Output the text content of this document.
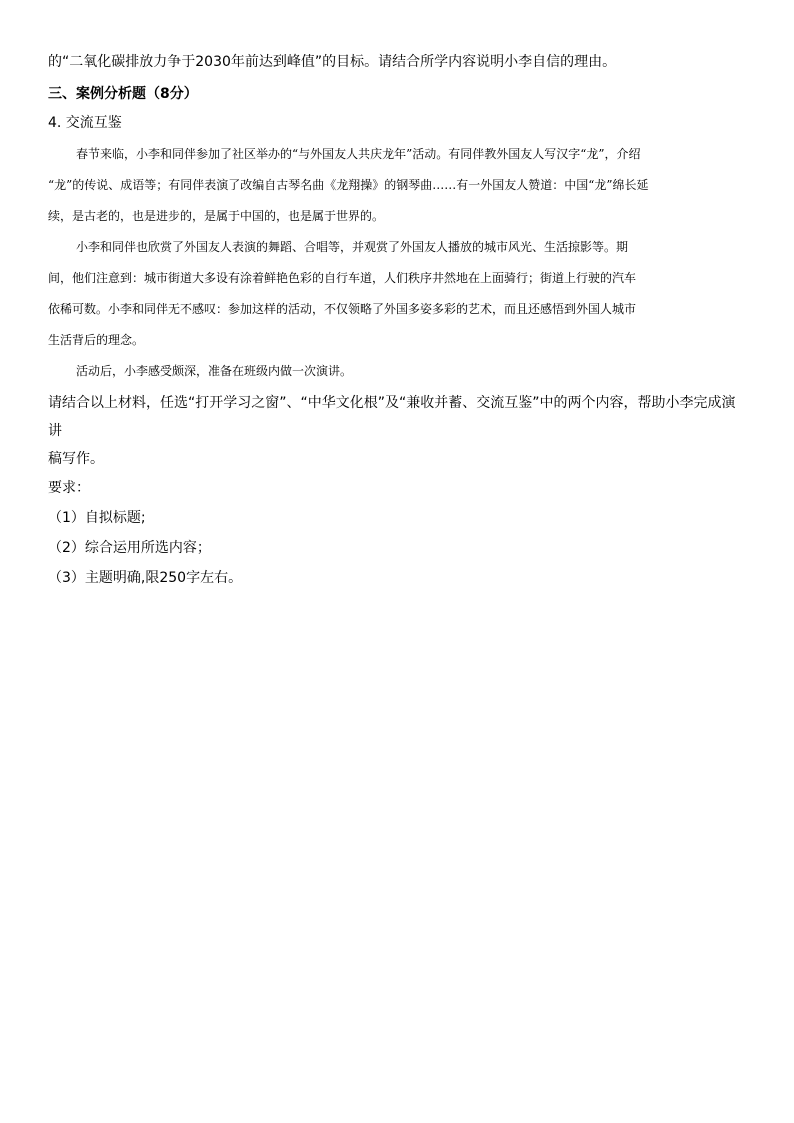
的“二氧化碳排放力争于2030年前达到峰值”的目标。请结合所学内容说明小李自信的理由。

三、案例分析题（8分）

4. 交流互鉴

春节来临，小李和同伴参加了社区举办的“与外国友人共庆龙年”活动。有同伴教外国友人写汉字“龙”，介绍

“龙”的传说、成语等；有同伴表演了改编自古琴名曲《龙翔操》的钢琴曲……有一外国友人赞道：中国“龙”绵长延

续，是古老的，也是进步的，是属于中国的，也是属于世界的。

小李和同伴也欣赏了外国友人表演的舞蹈、合唱等，并观赏了外国友人播放的城市风光、生活掠影等。期

间，他们注意到：城市街道大多设有涂着鲜艳色彩的自行车道，人们秩序井然地在上面骑行；街道上行驶的汽车

依稀可数。小李和同伴无不感叹：参加这样的活动，不仅领略了外国多姿多彩的艺术，而且还感悟到外国人城市

生活背后的理念。

活动后，小李感受颇深，准备在班级内做一次演讲。

请结合以上材料，任选“打开学习之窗”、“中华文化根”及“兼收并蓄、交流互鉴”中的两个内容，帮助小李完成演讲

稿写作。

要求：

（1）自拟标题;

（2）综合运用所选内容；

（3）主题明确,限250字左右。
